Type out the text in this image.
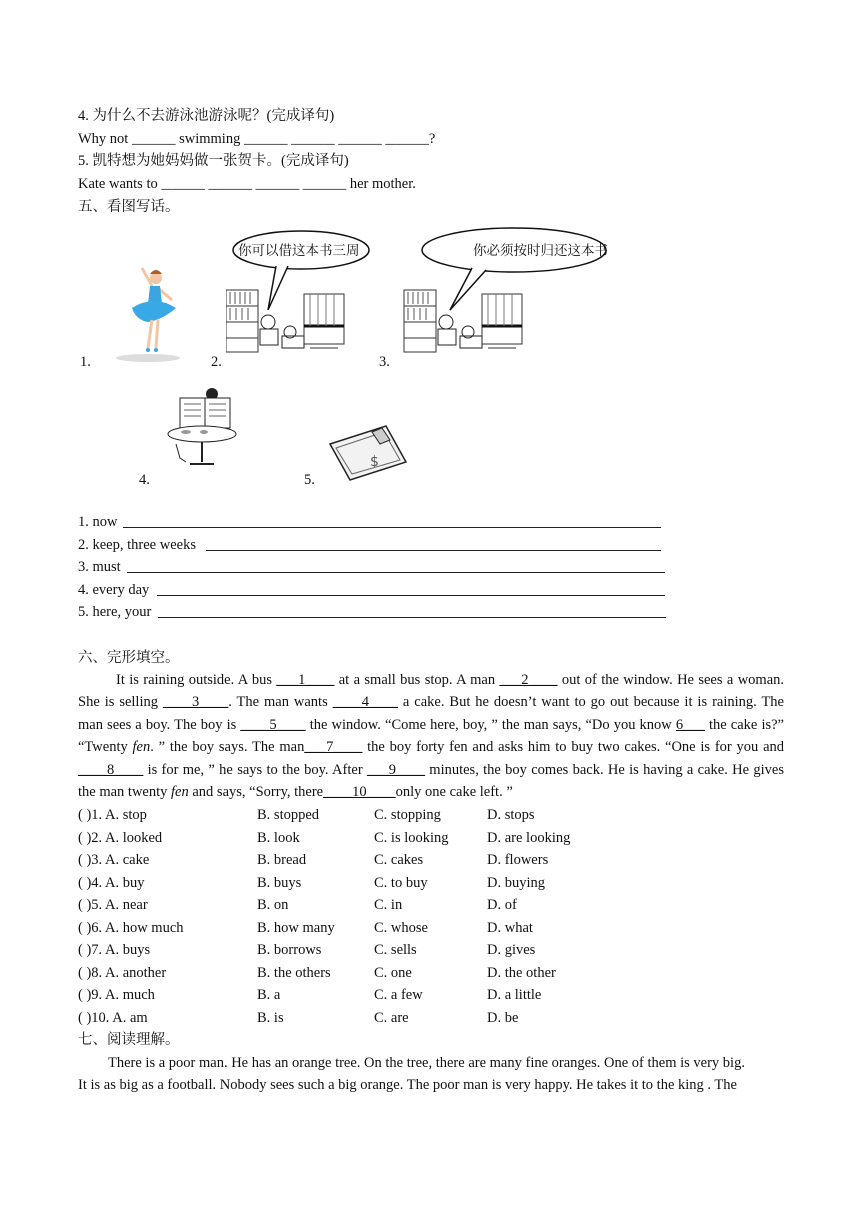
4. 为什么不去游泳池游泳呢？(完成译句)
Why not ______ swimming ______ ______ ______ ______?
5. 凯特想为她妈妈做一张贺卡。(完成译句)
Kate wants to ______ ______ ______ ______ her mother.
五、看图写话。
1.
你可以借这本书三周
2.
你必须按时归还这本书
3.
4.
$
5.
1. now
2. keep, three weeks
3. must
4. every day
5. here, your
六、完形填空。

It is raining outside. A bus ___1____ at a small bus stop. A man ___2____ out of the window. He sees a woman. She is selling ____3____. The man wants ____4____ a cake. But he doesn’t want to go out because it is raining. The man sees a boy. The boy is ____5____ the window. “Come here, boy, ” the man says, “Do you know 6___ the cake is?” “Twenty fen. ” the boy says. The man___7____ the boy forty fen and asks him to buy two cakes. “One is for you and ____8____ is for me, ” he says to the boy. After ___9____ minutes, the boy comes back. He is having a cake. He gives the man twenty fen and says, “Sorry, there____10____only one cake left. ”

( )1. A. stop	B. stopped	C. stopping	D. stops
( )2. A. looked	B. look	C. is looking	D. are looking
( )3. A. cake	B. bread	C. cakes	D. flowers
( )4. A. buy	B. buys	C. to buy	D. buying
( )5. A. near	B. on	C. in	D. of
( )6. A. how much	B. how many	C. whose	D. what
( )7. A. buys	B. borrows	C. sells	D. gives
( )8. A. another	B. the others	C. one	D. the other
( )9. A. much	B. a	C. a few	D. a little
( )10. A. am	B. is	C. are	D. be
七、阅读理解。
There is a poor man. He has an orange tree. On the tree, there are many fine oranges. One of them is very big.
It is as big as a football. Nobody sees such a big orange. The poor man is very happy. He takes it to the king . The
